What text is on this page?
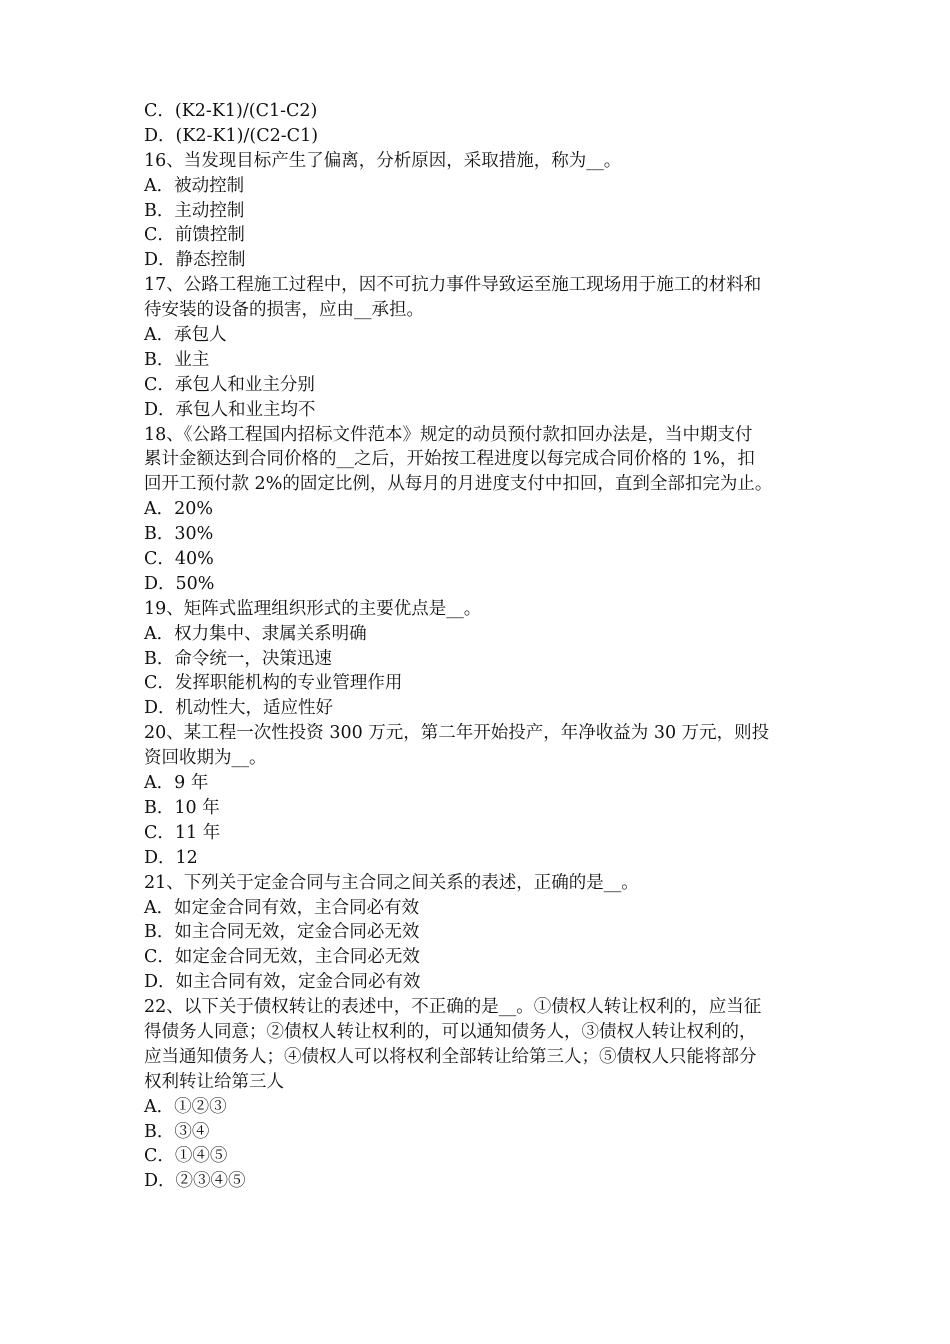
C．(K2-K1)/(C1-C2)
D．(K2-K1)/(C2-C1)
16、当发现目标产生了偏离，分析原因，采取措施，称为__。
A．被动控制
B．主动控制
C．前馈控制
D．静态控制
17、公路工程施工过程中，因不可抗力事件导致运至施工现场用于施工的材料和
待安装的设备的损害，应由__承担。
A．承包人
B．业主
C．承包人和业主分别
D．承包人和业主均不
18、《公路工程国内招标文件范本》规定的动员预付款扣回办法是，当中期支付
累计金额达到合同价格的__之后，开始按工程进度以每完成合同价格的 1%，扣
回开工预付款 2%的固定比例，从每月的月进度支付中扣回，直到全部扣完为止。
A．20%
B．30%
C．40%
D．50%
19、矩阵式监理组织形式的主要优点是__。
A．权力集中、隶属关系明确
B．命令统一，决策迅速
C．发挥职能机构的专业管理作用
D．机动性大，适应性好
20、某工程一次性投资 300 万元，第二年开始投产，年净收益为 30 万元，则投
资回收期为__。
A．9 年
B．10 年
C．11 年
D．12
21、下列关于定金合同与主合同之间关系的表述，正确的是__。
A．如定金合同有效，主合同必有效
B．如主合同无效，定金合同必无效
C．如定金合同无效，主合同必无效
D．如主合同有效，定金合同必有效
22、以下关于债权转让的表述中，不正确的是__。①债权人转让权利的，应当征
得债务人同意；②债权人转让权利的，可以通知债务人，③债权人转让权利的，
应当通知债务人；④债权人可以将权利全部转让给第三人；⑤债权人只能将部分
权利转让给第三人
A．①②③
B．③④
C．①④⑤
D．②③④⑤
